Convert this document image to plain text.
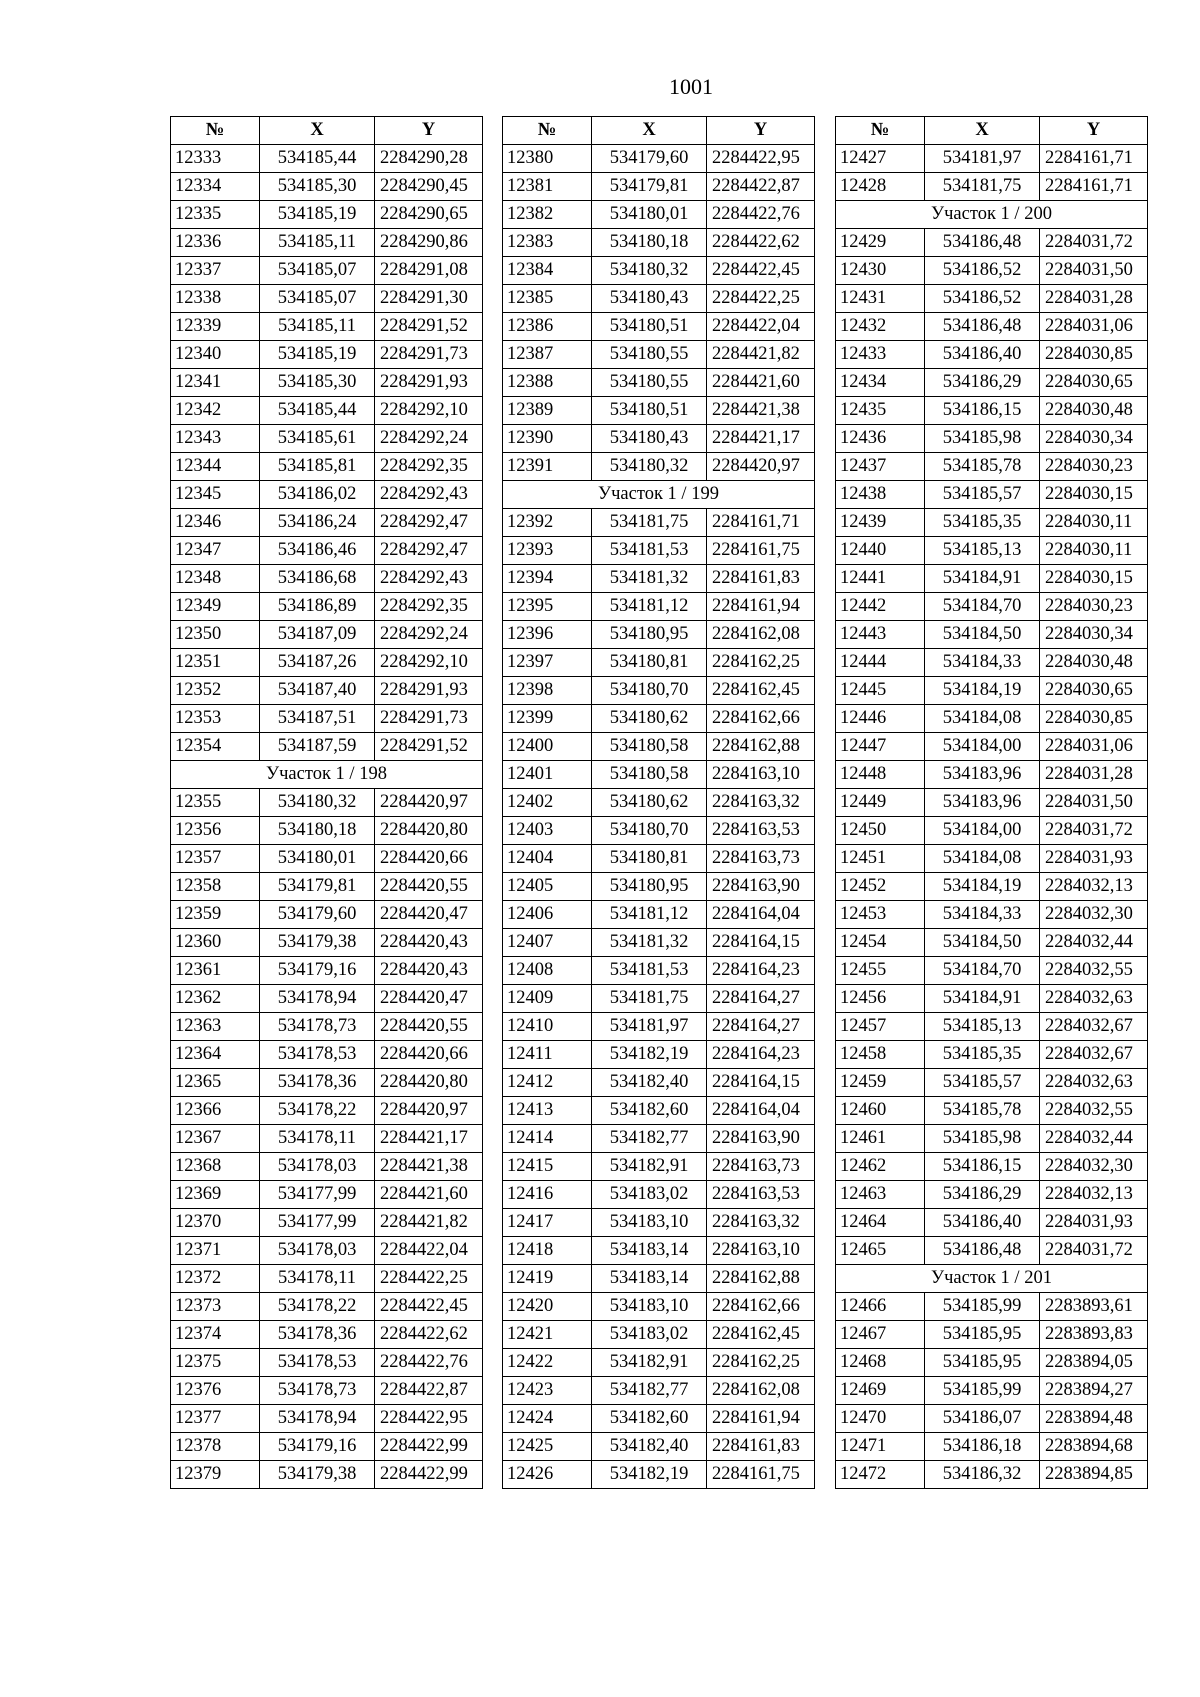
1001
№	X	Y
12333	534185,44	2284290,28
12334	534185,30	2284290,45
12335	534185,19	2284290,65
12336	534185,11	2284290,86
12337	534185,07	2284291,08
12338	534185,07	2284291,30
12339	534185,11	2284291,52
12340	534185,19	2284291,73
12341	534185,30	2284291,93
12342	534185,44	2284292,10
12343	534185,61	2284292,24
12344	534185,81	2284292,35
12345	534186,02	2284292,43
12346	534186,24	2284292,47
12347	534186,46	2284292,47
12348	534186,68	2284292,43
12349	534186,89	2284292,35
12350	534187,09	2284292,24
12351	534187,26	2284292,10
12352	534187,40	2284291,93
12353	534187,51	2284291,73
12354	534187,59	2284291,52
Участок 1 / 198		
12355	534180,32	2284420,97
12356	534180,18	2284420,80
12357	534180,01	2284420,66
12358	534179,81	2284420,55
12359	534179,60	2284420,47
12360	534179,38	2284420,43
12361	534179,16	2284420,43
12362	534178,94	2284420,47
12363	534178,73	2284420,55
12364	534178,53	2284420,66
12365	534178,36	2284420,80
12366	534178,22	2284420,97
12367	534178,11	2284421,17
12368	534178,03	2284421,38
12369	534177,99	2284421,60
12370	534177,99	2284421,82
12371	534178,03	2284422,04
12372	534178,11	2284422,25
12373	534178,22	2284422,45
12374	534178,36	2284422,62
12375	534178,53	2284422,76
12376	534178,73	2284422,87
12377	534178,94	2284422,95
12378	534179,16	2284422,99
12379	534179,38	2284422,99
№	X	Y
12380	534179,60	2284422,95
12381	534179,81	2284422,87
12382	534180,01	2284422,76
12383	534180,18	2284422,62
12384	534180,32	2284422,45
12385	534180,43	2284422,25
12386	534180,51	2284422,04
12387	534180,55	2284421,82
12388	534180,55	2284421,60
12389	534180,51	2284421,38
12390	534180,43	2284421,17
12391	534180,32	2284420,97
Участок 1 / 199		
12392	534181,75	2284161,71
12393	534181,53	2284161,75
12394	534181,32	2284161,83
12395	534181,12	2284161,94
12396	534180,95	2284162,08
12397	534180,81	2284162,25
12398	534180,70	2284162,45
12399	534180,62	2284162,66
12400	534180,58	2284162,88
12401	534180,58	2284163,10
12402	534180,62	2284163,32
12403	534180,70	2284163,53
12404	534180,81	2284163,73
12405	534180,95	2284163,90
12406	534181,12	2284164,04
12407	534181,32	2284164,15
12408	534181,53	2284164,23
12409	534181,75	2284164,27
12410	534181,97	2284164,27
12411	534182,19	2284164,23
12412	534182,40	2284164,15
12413	534182,60	2284164,04
12414	534182,77	2284163,90
12415	534182,91	2284163,73
12416	534183,02	2284163,53
12417	534183,10	2284163,32
12418	534183,14	2284163,10
12419	534183,14	2284162,88
12420	534183,10	2284162,66
12421	534183,02	2284162,45
12422	534182,91	2284162,25
12423	534182,77	2284162,08
12424	534182,60	2284161,94
12425	534182,40	2284161,83
12426	534182,19	2284161,75
№	X	Y
12427	534181,97	2284161,71
12428	534181,75	2284161,71
Участок 1 / 200		
12429	534186,48	2284031,72
12430	534186,52	2284031,50
12431	534186,52	2284031,28
12432	534186,48	2284031,06
12433	534186,40	2284030,85
12434	534186,29	2284030,65
12435	534186,15	2284030,48
12436	534185,98	2284030,34
12437	534185,78	2284030,23
12438	534185,57	2284030,15
12439	534185,35	2284030,11
12440	534185,13	2284030,11
12441	534184,91	2284030,15
12442	534184,70	2284030,23
12443	534184,50	2284030,34
12444	534184,33	2284030,48
12445	534184,19	2284030,65
12446	534184,08	2284030,85
12447	534184,00	2284031,06
12448	534183,96	2284031,28
12449	534183,96	2284031,50
12450	534184,00	2284031,72
12451	534184,08	2284031,93
12452	534184,19	2284032,13
12453	534184,33	2284032,30
12454	534184,50	2284032,44
12455	534184,70	2284032,55
12456	534184,91	2284032,63
12457	534185,13	2284032,67
12458	534185,35	2284032,67
12459	534185,57	2284032,63
12460	534185,78	2284032,55
12461	534185,98	2284032,44
12462	534186,15	2284032,30
12463	534186,29	2284032,13
12464	534186,40	2284031,93
12465	534186,48	2284031,72
Участок 1 / 201		
12466	534185,99	2283893,61
12467	534185,95	2283893,83
12468	534185,95	2283894,05
12469	534185,99	2283894,27
12470	534186,07	2283894,48
12471	534186,18	2283894,68
12472	534186,32	2283894,85
